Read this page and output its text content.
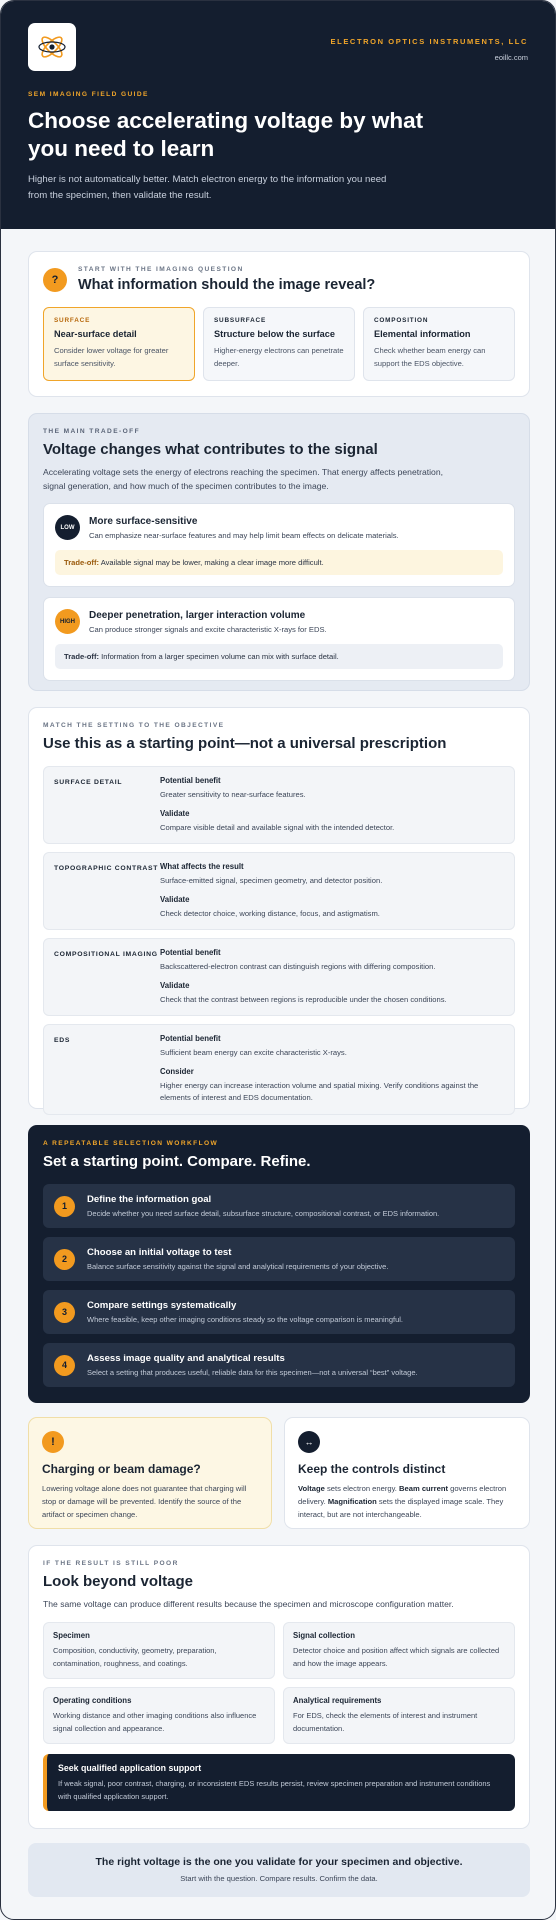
ELECTRON OPTICS INSTRUMENTS, LLC
eoillc.com
SEM IMAGING FIELD GUIDE
Choose accelerating voltage by what you need to learn

Higher is not automatically better. Match electron energy to the information you need from the specimen, then validate the result.

?
START WITH THE IMAGING QUESTION
What information should the image reveal?
SURFACE
Near-surface detail
Consider lower voltage for greater surface sensitivity.
SUBSURFACE
Structure below the surface
Higher-energy electrons can penetrate deeper.
COMPOSITION
Elemental information
Check whether beam energy can support the EDS objective.
THE MAIN TRADE-OFF
Voltage changes what contributes to the signal
Accelerating voltage sets the energy of electrons reaching the specimen. That energy affects penetration, signal generation, and how much of the specimen contributes to the image.
LOW
More surface-sensitive
Can emphasize near-surface features and may help limit beam effects on delicate materials.
Trade-off: Available signal may be lower, making a clear image more difficult.
HIGH
Deeper penetration, larger interaction volume
Can produce stronger signals and excite characteristic X-rays for EDS.
Trade-off: Information from a larger specimen volume can mix with surface detail.
MATCH THE SETTING TO THE OBJECTIVE
Use this as a starting point—not a universal prescription
SURFACE DETAIL	Potential benefit
Greater sensitivity to near-surface features.
Validate
Compare visible detail and available signal with the intended detector.
TOPOGRAPHIC CONTRAST What affects the result
Surface-emitted signal, specimen geometry, and detector position.
Validate
Check detector choice, working distance, focus, and astigmatism.
COMPOSITIONAL IMAGING Potential benefit
Backscattered-electron contrast can distinguish regions with differing composition.
Validate
Check that the contrast between regions is reproducible under the chosen conditions.
EDS	Potential benefit
Sufficient beam energy can excite characteristic X-rays.
Consider
Higher energy can increase interaction volume and spatial mixing. Verify conditions against the elements of interest and EDS documentation.
A REPEATABLE SELECTION WORKFLOW
Set a starting point. Compare. Refine.
1
Define the information goal
Decide whether you need surface detail, subsurface structure, compositional contrast, or EDS information.
2
Choose an initial voltage to test
Balance surface sensitivity against the signal and analytical requirements of your objective.
3
Compare settings systematically
Where feasible, keep other imaging conditions steady so the voltage comparison is meaningful.
4
Assess image quality and analytical results
Select a setting that produces useful, reliable data for this specimen—not a universal “best” voltage.
!
Charging or beam damage?
Lowering voltage alone does not guarantee that charging will stop or damage will be prevented. Identify the source of the artifact or specimen change.
↔
Keep the controls distinct
Voltage sets electron energy. Beam current governs electron delivery. Magnification sets the displayed image scale. They interact, but are not interchangeable.
IF THE RESULT IS STILL POOR
Look beyond voltage
The same voltage can produce different results because the specimen and microscope configuration matter.
Specimen
Composition, conductivity, geometry, preparation, contamination, roughness, and coatings.
Signal collection
Detector choice and position affect which signals are collected and how the image appears.
Operating conditions
Working distance and other imaging conditions also influence signal collection and appearance.
Analytical requirements
For EDS, check the elements of interest and instrument documentation.
Seek qualified application support
If weak signal, poor contrast, charging, or inconsistent EDS results persist, review specimen preparation and instrument conditions with qualified application support.
The right voltage is the one you validate for your specimen and objective.
Start with the question. Compare results. Confirm the data.
